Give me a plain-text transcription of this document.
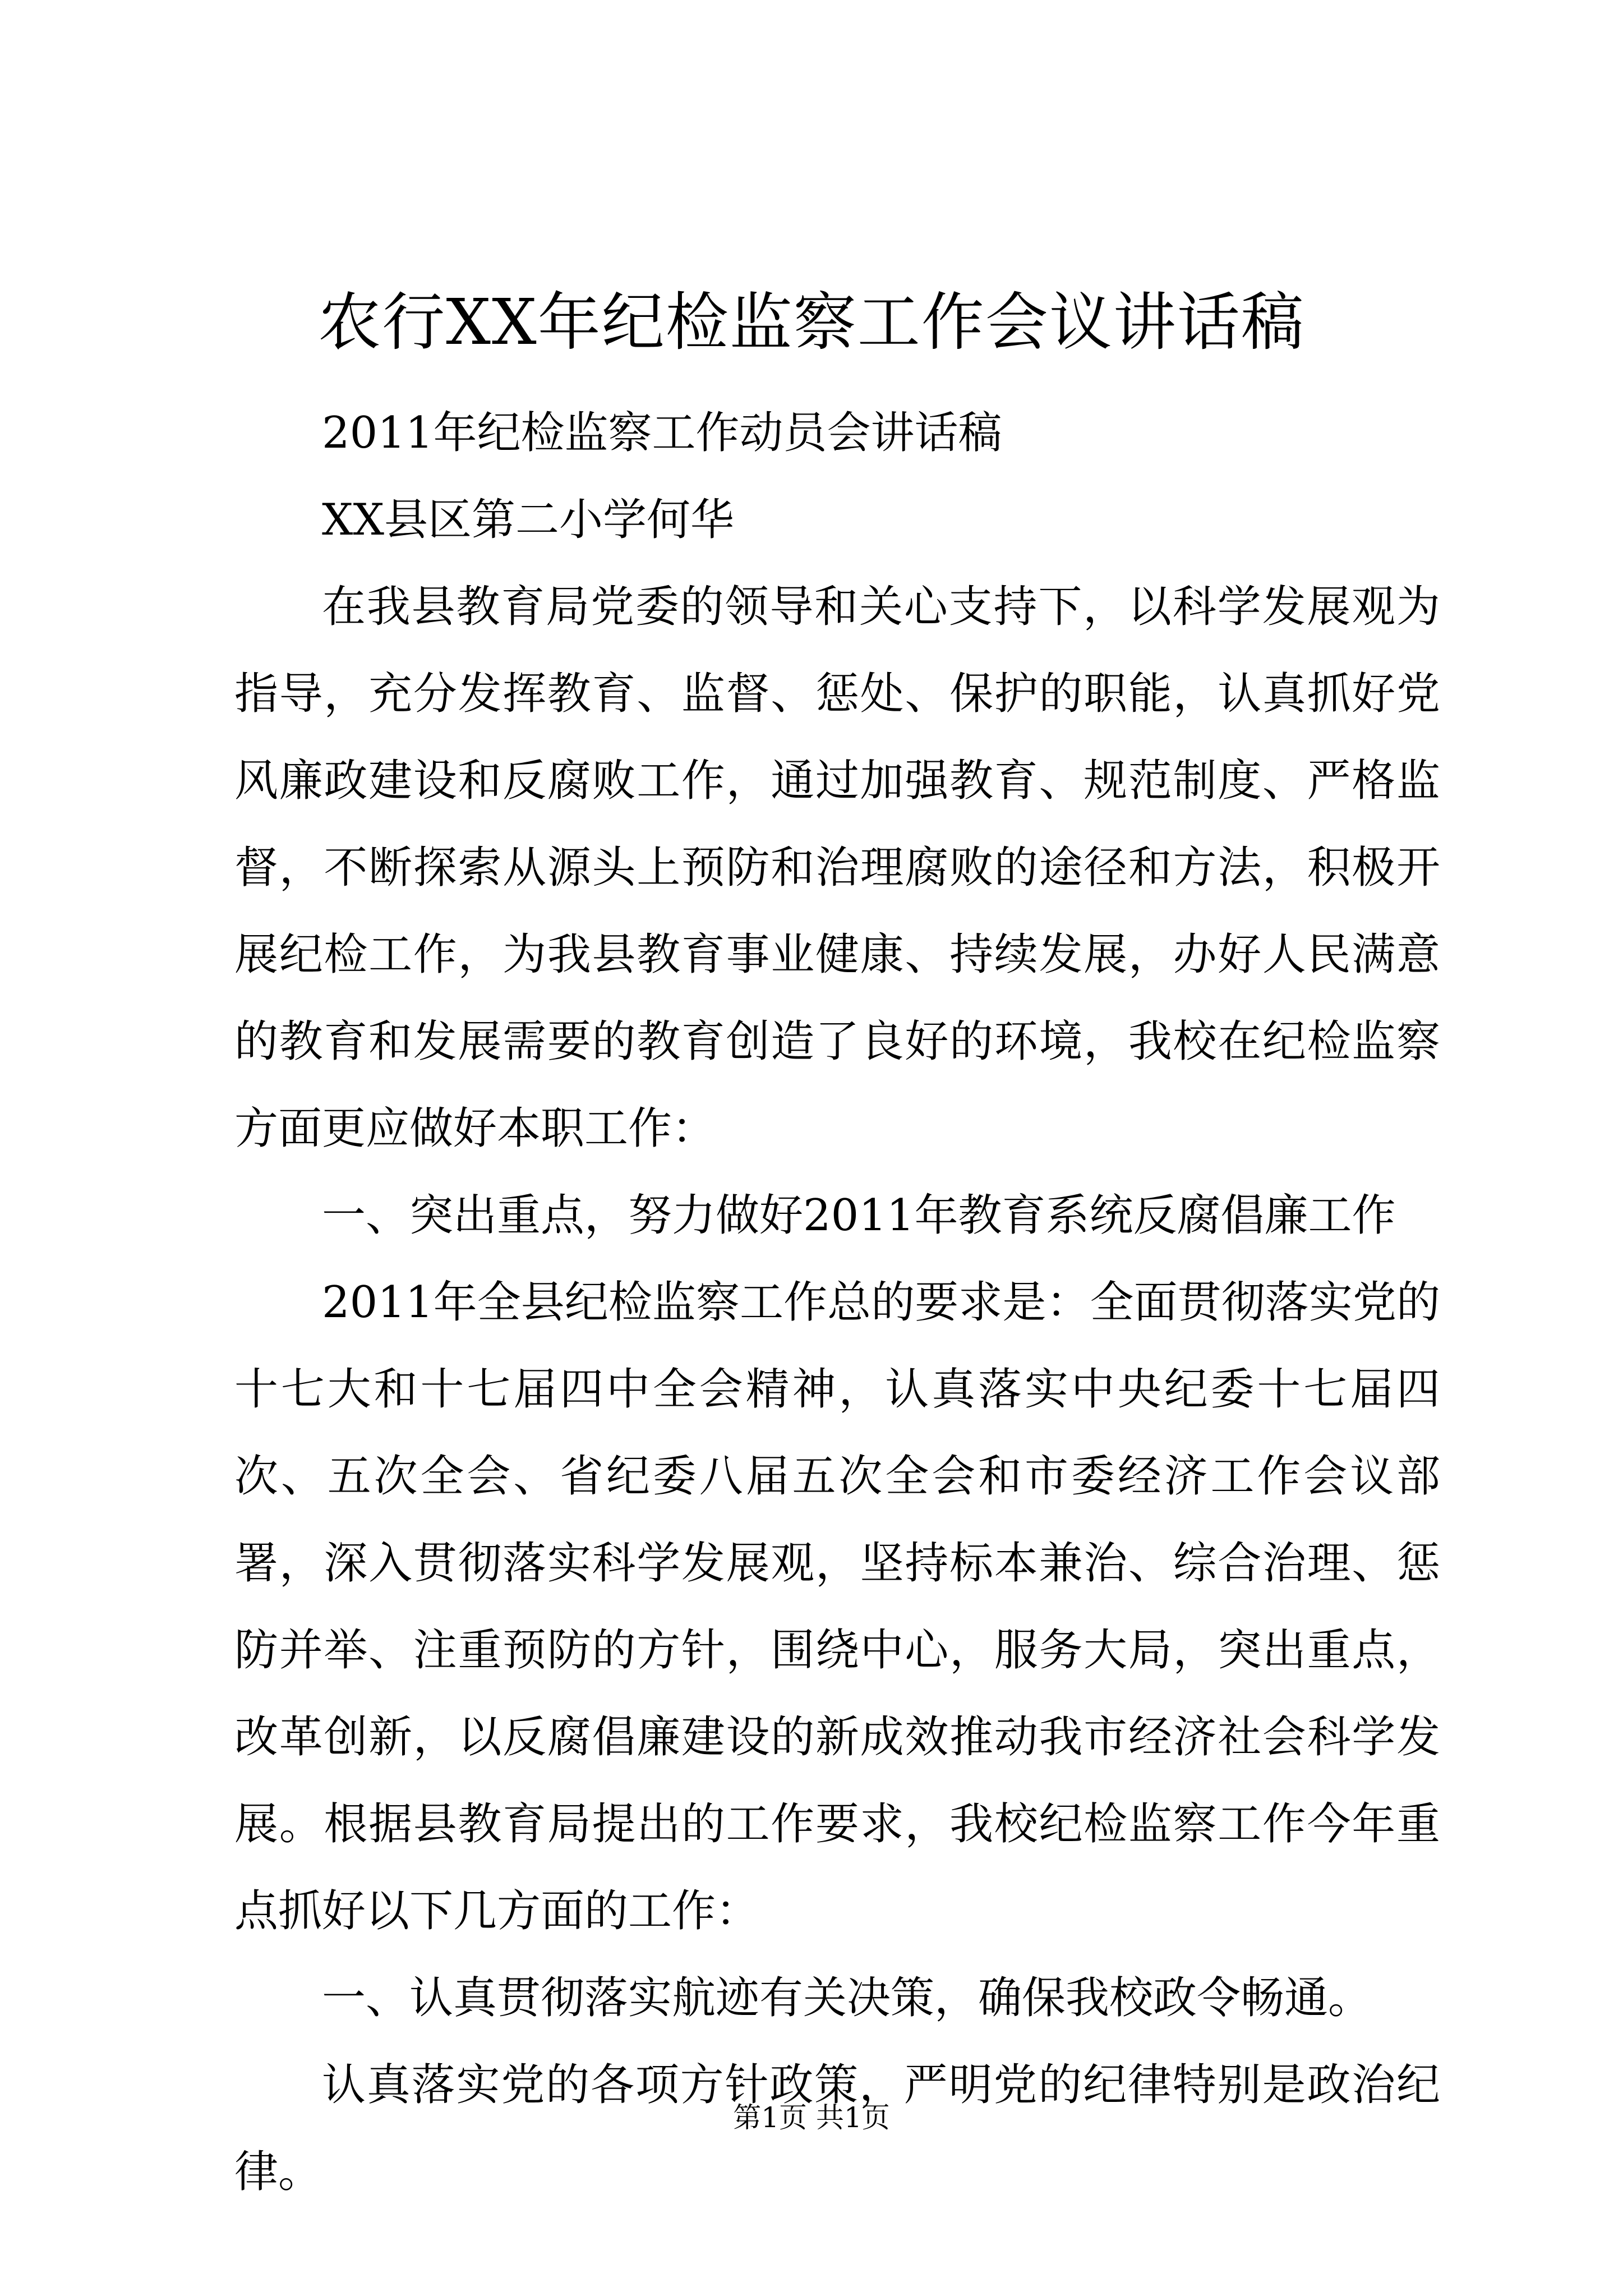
农行XX年纪检监察工作会议讲话稿

2011年纪检监察工作动员会讲话稿

XX县区第二小学何华

在我县教育局党委的领导和关心支持下，以科学发展观为指导，充分发挥教育、监督、惩处、保护的职能，认真抓好党风廉政建设和反腐败工作，通过加强教育、规范制度、严格监督，不断探索从源头上预防和治理腐败的途径和方法，积极开展纪检工作，为我县教育事业健康、持续发展，办好人民满意的教育和发展需要的教育创造了良好的环境，我校在纪检监察方面更应做好本职工作：

一、突出重点，努力做好2011年教育系统反腐倡廉工作

2011年全县纪检监察工作总的要求是：全面贯彻落实党的十七大和十七届四中全会精神，认真落实中央纪委十七届四次、五次全会、省纪委八届五次全会和市委经济工作会议部署，深入贯彻落实科学发展观，坚持标本兼治、综合治理、惩防并举、注重预防的方针，围绕中心，服务大局，突出重点，改革创新，以反腐倡廉建设的新成效推动我市经济社会科学发展。根据县教育局提出的工作要求，我校纪检监察工作今年重点抓好以下几方面的工作：

一、认真贯彻落实航迹有关决策，确保我校政令畅通。

认真落实党的各项方针政策，严明党的纪律特别是政治纪律。

第1页 共1页
